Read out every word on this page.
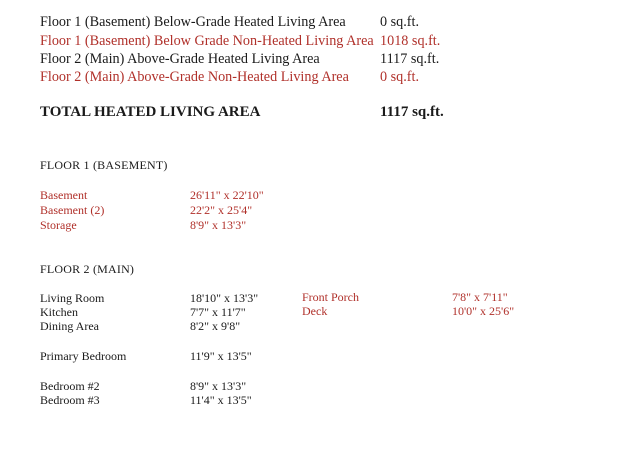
Floor 1 (Basement) Below-Grade Heated Living Area 0 sq.ft.
Floor 1 (Basement) Below Grade Non-Heated Living Area 1018 sq.ft.
Floor 2 (Main) Above-Grade Heated Living Area	1117 sq.ft.
Floor 2 (Main) Above-Grade Non-Heated Living Area 0 sq.ft.
TOTAL HEATED LIVING AREA	1117 sq.ft.
FLOOR 1 (BASEMENT)
Basement	26'11" x 22'10"
Basement (2)	22'2" x 25'4"
Storage	8'9" x 13'3"
FLOOR 2 (MAIN)
Living Room	18'10" x 13'3"
Kitchen	7'7" x 11'7"
Dining Area	8'2" x 9'8"
Primary Bedroom	11'9" x 13'5"
Bedroom #2	8'9" x 13'3"
Bedroom #3	11'4" x 13'5"
Front Porch	7'8" x 7'11"
Deck	10'0" x 25'6"
